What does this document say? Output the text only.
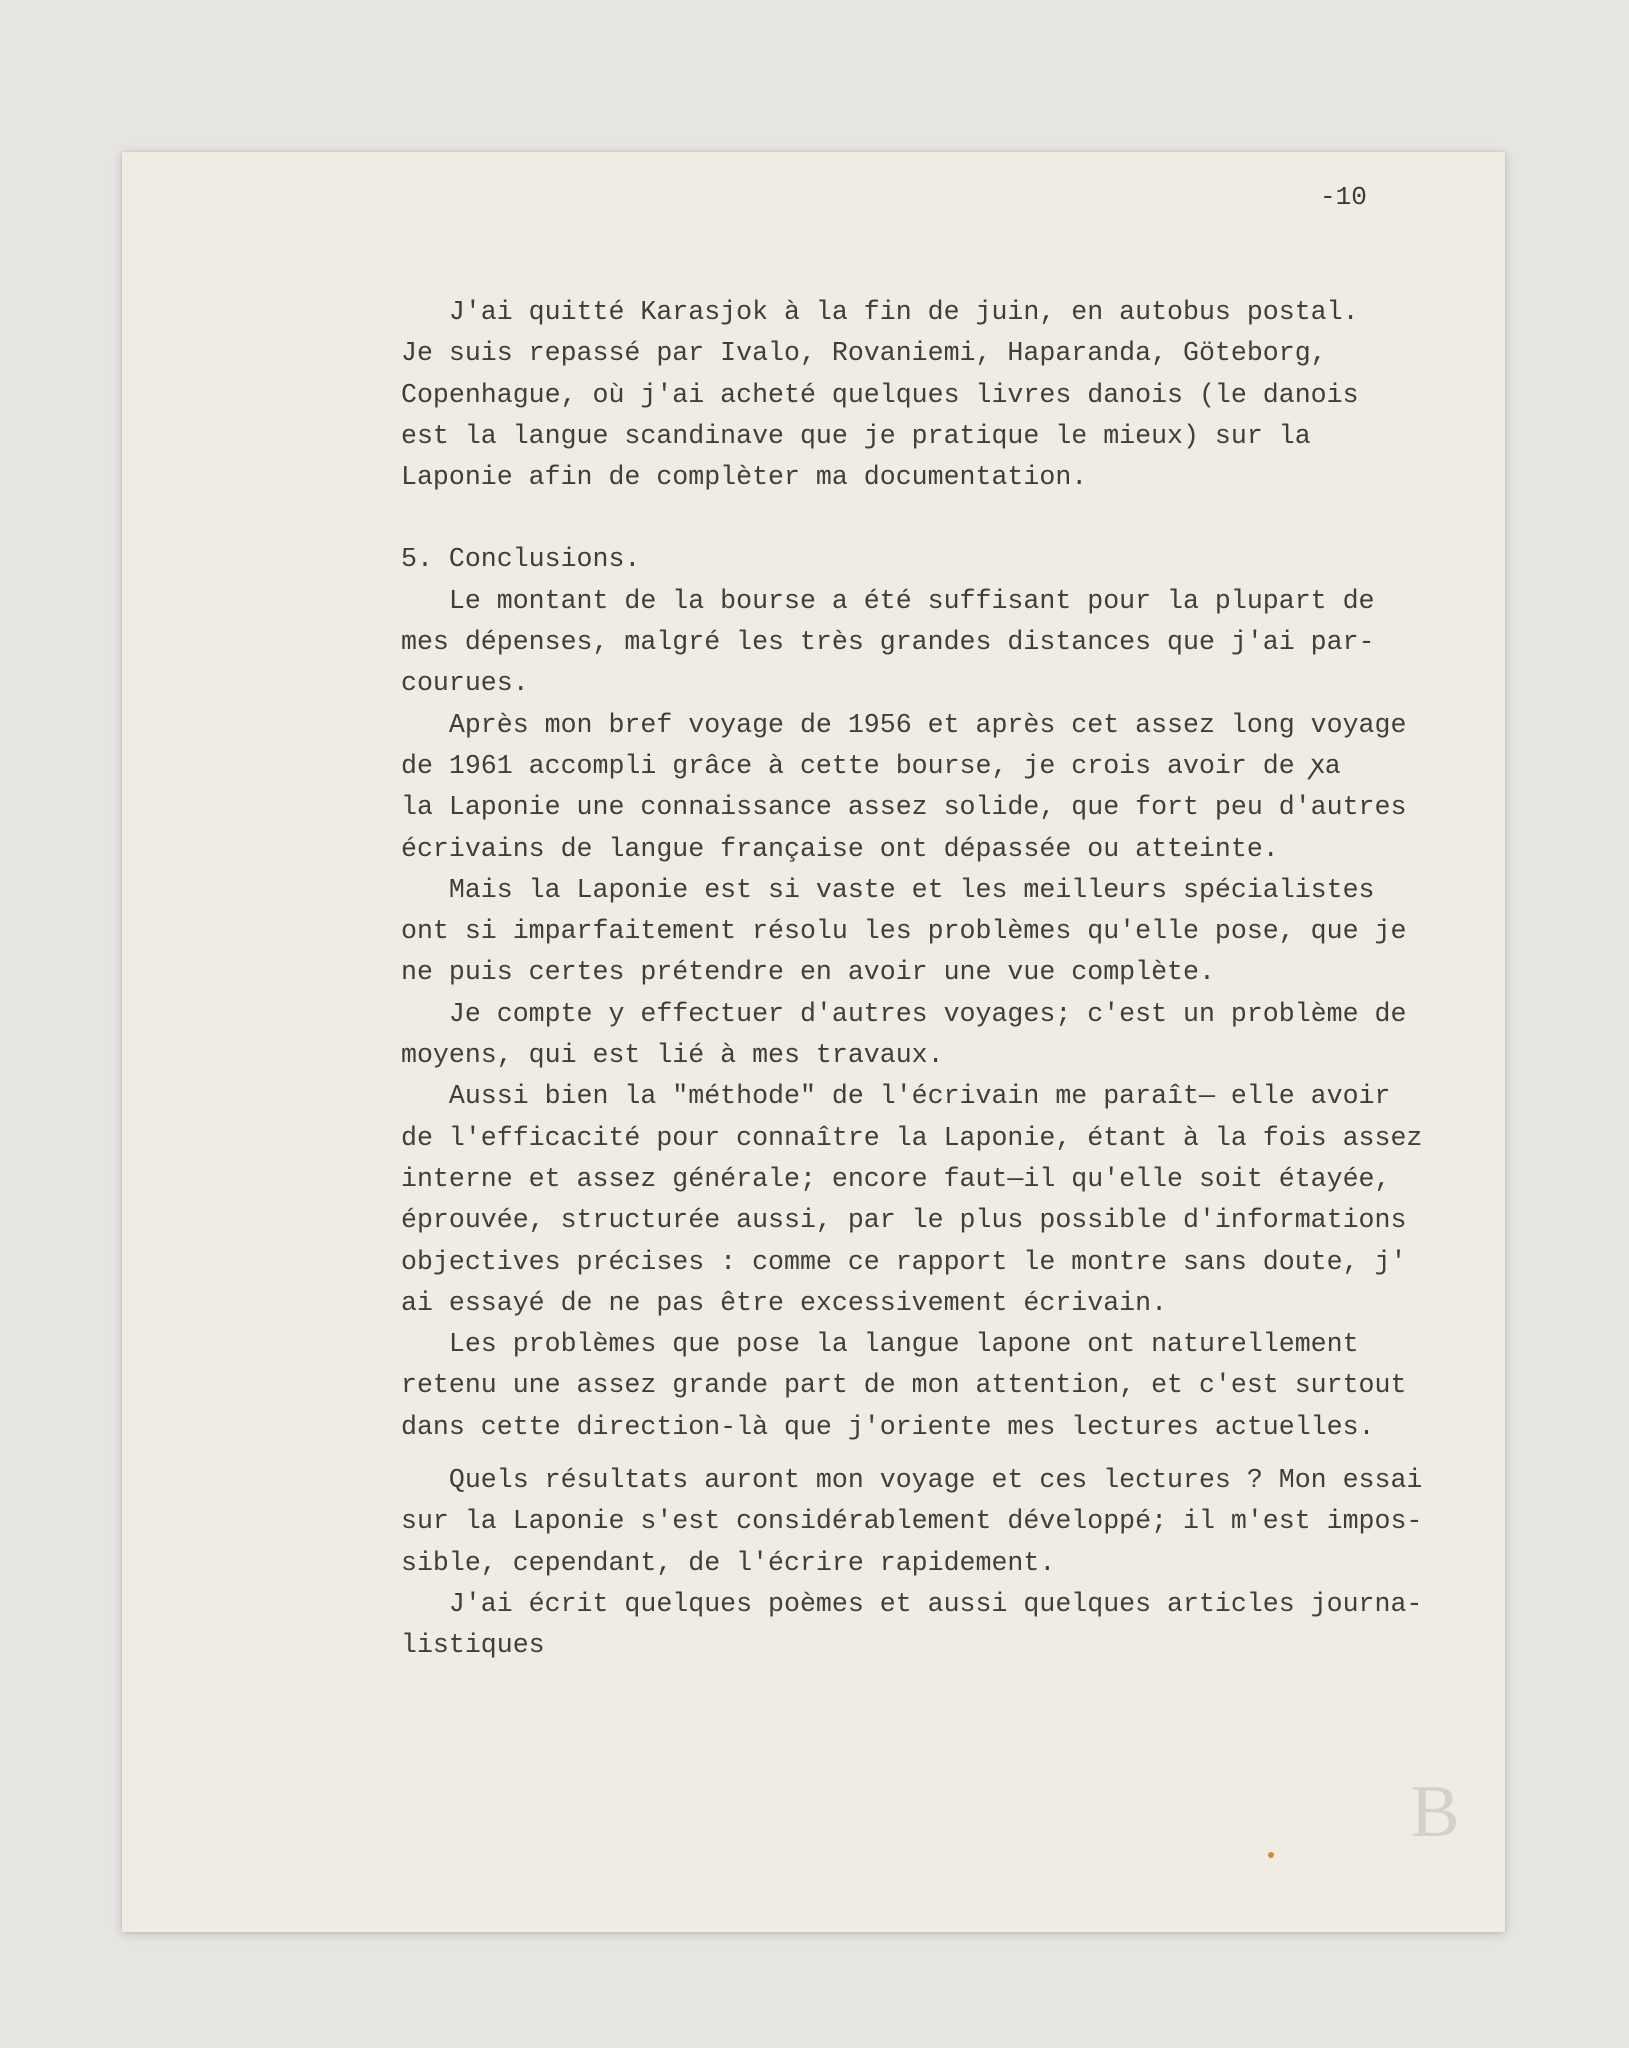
-10
J'ai quitté Karasjok à la fin de juin, en autobus postal.
Je suis repassé par Ivalo, Rovaniemi, Haparanda, Göteborg,
Copenhague, où j'ai acheté quelques livres danois (le danois
est la langue scandinave que je pratique le mieux) sur la
Laponie afin de complèter ma documentation.
5. Conclusions.
Le montant de la bourse a été suffisant pour la plupart de
mes dépenses, malgré les très grandes distances que j'ai par-
courues.
Après mon bref voyage de 1956 et après cet assez long voyage
de 1961 accompli grâce à cette bourse, je crois avoir de ꭗa
la Laponie une connaissance assez solide, que fort peu d'autres
écrivains de langue française ont dépassée ou atteinte.
Mais la Laponie est si vaste et les meilleurs spécialistes
ont si imparfaitement résolu les problèmes qu'elle pose, que je
ne puis certes prétendre en avoir une vue complète.
Je compte y effectuer d'autres voyages; c'est un problème de
moyens, qui est lié à mes travaux.
Aussi bien la "méthode" de l'écrivain me paraît— elle avoir
de l'efficacité pour connaître la Laponie, étant à la fois assez
interne et assez générale; encore faut—il qu'elle soit étayée,
éprouvée, structurée aussi, par le plus possible d'informations
objectives précises : comme ce rapport le montre sans doute, j'
ai essayé de ne pas être excessivement écrivain.
Les problèmes que pose la langue lapone ont naturellement
retenu une assez grande part de mon attention, et c'est surtout
dans cette direction-là que j'oriente mes lectures actuelles.
Quels résultats auront mon voyage et ces lectures ? Mon essai
sur la Laponie s'est considérablement développé; il m'est impos-
sible, cependant, de l'écrire rapidement.
J'ai écrit quelques poèmes et aussi quelques articles journa-
listiques
B
